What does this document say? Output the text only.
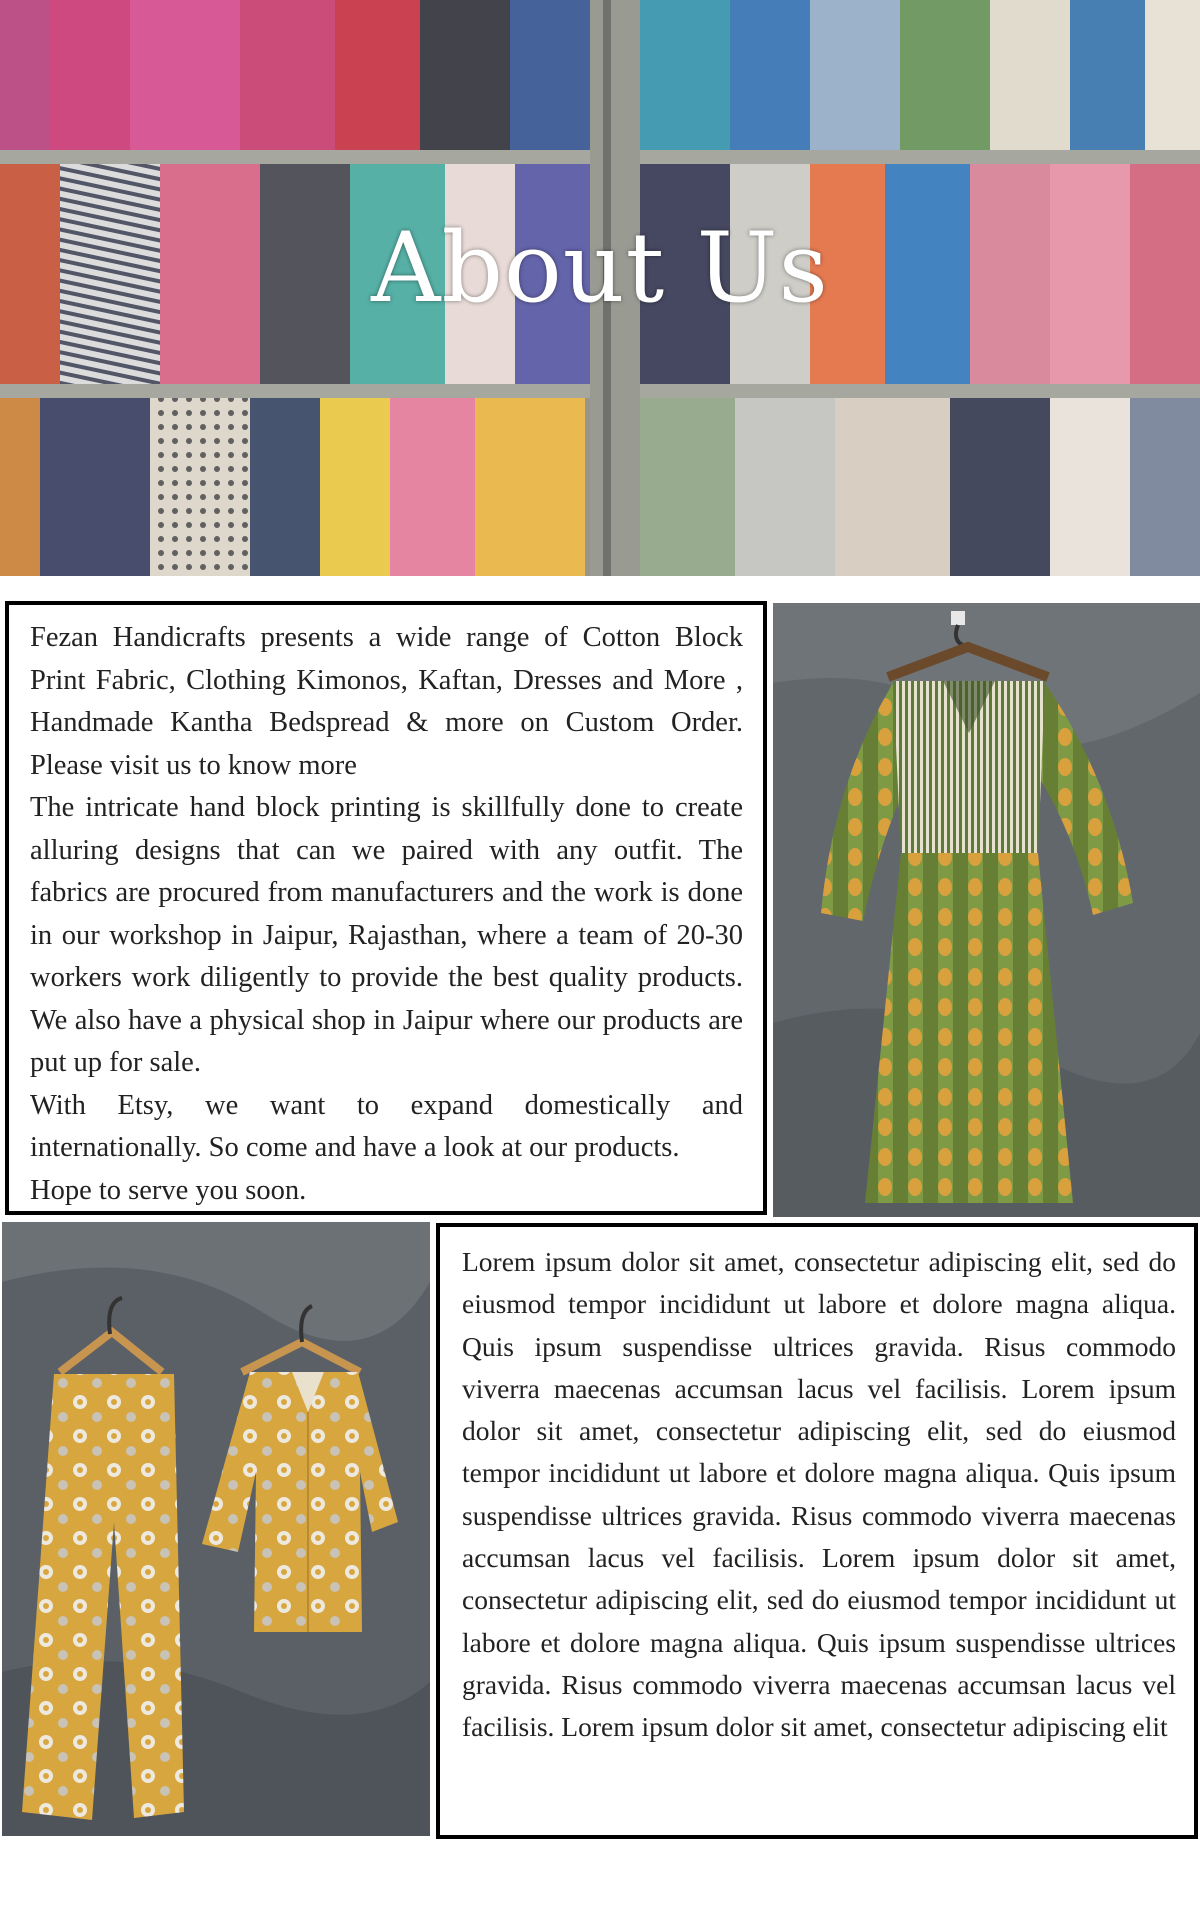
About Us

Fezan Handicrafts presents a wide range of Cotton Block Print Fabric, Clothing Kimonos, Kaftan, Dresses and More , Handmade Kantha Bedspread & more on Custom Order. Please visit us to know more

The intricate hand block printing is skillfully done to create alluring designs that can we paired with any outfit. The fabrics are procured from manufacturers and the work is done in our workshop in Jaipur, Rajasthan, where a team of 20-30 workers work diligently to provide the best quality products. We also have a physical shop in Jaipur where our products are put up for sale.

With Etsy, we want to expand domestically and internationally. So come and have a look at our products.

Hope to serve you soon.

Lorem ipsum dolor sit amet, consectetur adipiscing elit, sed do eiusmod tempor incididunt ut labore et dolore magna aliqua. Quis ipsum suspendisse ultrices gravida. Risus commodo viverra maecenas accumsan lacus vel facilisis. Lorem ipsum dolor sit amet, consectetur adipiscing elit, sed do eiusmod tempor incididunt ut labore et dolore magna aliqua. Quis ipsum suspendisse ultrices gravida. Risus commodo viverra maecenas accumsan lacus vel facilisis. Lorem ipsum dolor sit amet, consectetur adipiscing elit, sed do eiusmod tempor incididunt ut labore et dolore magna aliqua. Quis ipsum suspendisse ultrices gravida. Risus commodo viverra maecenas accumsan lacus vel facilisis. Lorem ipsum dolor sit amet, consectetur adipiscing elit
